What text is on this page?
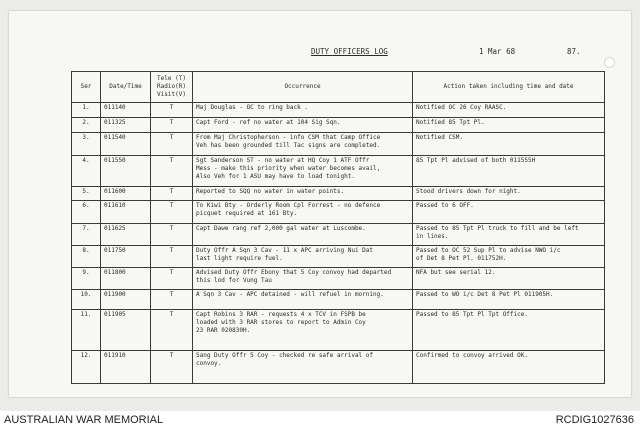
DUTY OFFICERS LOG	1 Mar 68	87.
Ser	Date/Time	Tele (T)
Radio(R)
Visit(V)	Occurrence	Action taken including time and date
1.	011140	T	Maj Douglas - OC to ring back .	Notified OC 26 Coy RAASC.
2.	011325	T	Capt Ford - ref no water at 104 Sig Sqn.	Notified 85 Tpt Pl.
3.	011540	T	From Maj Christopherson - info CSM that Camp Office
Veh has been grounded till Tac signs are completed.	Notified CSM.
4.	011550	T	Sgt Sanderson ST - no water at HQ Coy 1 ATF Offr
Mess - make this priority when water becomes avail,
Also Veh for 1 ASU may have to load tonight.	85 Tpt Pl advised of both 011555H
5.	011600	T	Reported to SQQ no water in water points.	Stood drivers down for night.
6.	011610	T	To Kiwi Bty - Orderly Room Cpl Forrest - no defence
picquet required at 161 Bty.	Passed to 6 OFF.
7.	011625	T	Capt Dawe rang ref 2,000 gal water at Luscombe.	Passed to 85 Tpt Pl truck to fill and be left
in lines.
8.	011750	T	Duty Offr A Sqn 3 Cav - 11 x APC arriving Nui Dat
last light require fuel.	Passed to OC 52 Sup Pl to advise NWO i/c
of Det 8 Pet Pl. 011752H.
9.	011800	T	Advised Duty Offr Ebony that 5 Coy convoy had departed
this lod for Vung Tau	NFA but see serial 12.
10.	011900	T	A Sqn 3 Cav - APC detained - will refuel in morning.	Passed to WO i/c Det 8 Pet Pl 011905H.
11.	011905	T	Capt Robins 3 RAR - requests 4 x TCV in FSPB be
loaded with 3 RAR stores to report to Admin Coy
23 RAR 020830H.	Passed to 85 Tpt Pl Tpt Office.
12.	011910	T	Sang Duty Offr 5 Coy - checked re safe arrival of
convoy.	Confirmed to convoy arrived OK.
AUSTRALIAN WAR MEMORIAL	RCDIG1027636
